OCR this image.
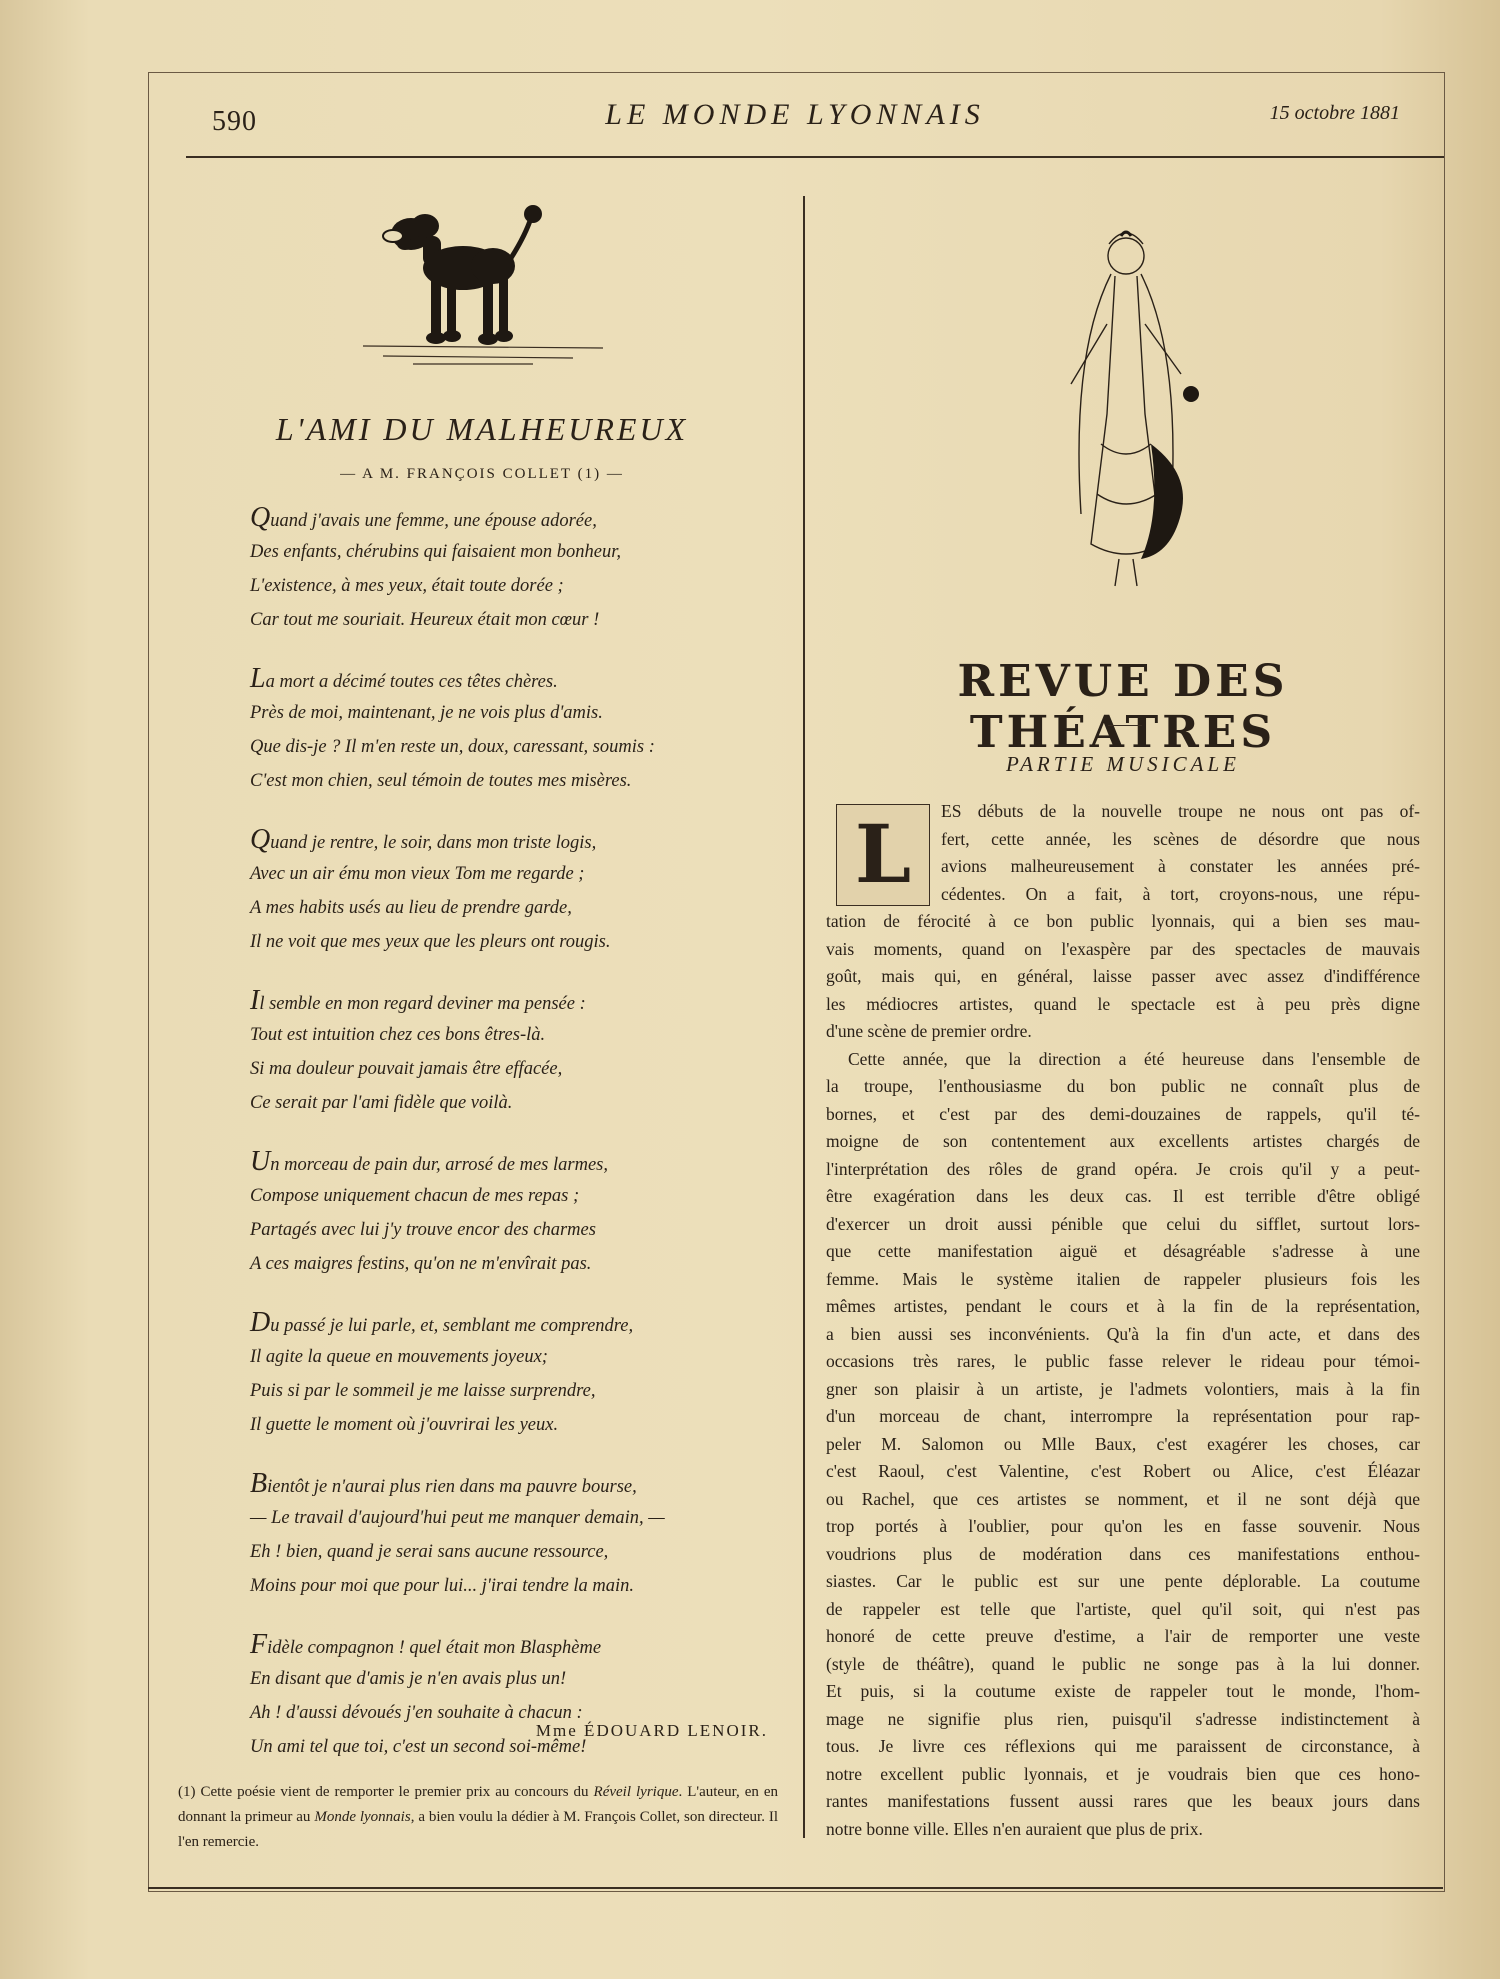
590	LE MONDE LYONNAIS	15 octobre 1881
L'AMI DU MALHEUREUX
— A M. FRANÇOIS COLLET (1) —
Quand j'avais une femme, une épouse adorée,
Des enfants, chérubins qui faisaient mon bonheur,
L'existence, à mes yeux, était toute dorée ;
Car tout me souriait. Heureux était mon cœur !
La mort a décimé toutes ces têtes chères.
Près de moi, maintenant, je ne vois plus d'amis.
Que dis-je ? Il m'en reste un, doux, caressant, soumis :
C'est mon chien, seul témoin de toutes mes misères.
Quand je rentre, le soir, dans mon triste logis,
Avec un air ému mon vieux Tom me regarde ;
A mes habits usés au lieu de prendre garde,
Il ne voit que mes yeux que les pleurs ont rougis.
Il semble en mon regard deviner ma pensée :
Tout est intuition chez ces bons êtres-là.
Si ma douleur pouvait jamais être effacée,
Ce serait par l'ami fidèle que voilà.
Un morceau de pain dur, arrosé de mes larmes,
Compose uniquement chacun de mes repas ;
Partagés avec lui j'y trouve encor des charmes
A ces maigres festins, qu'on ne m'envîrait pas.
Du passé je lui parle, et, semblant me comprendre,
Il agite la queue en mouvements joyeux;
Puis si par le sommeil je me laisse surprendre,
Il guette le moment où j'ouvrirai les yeux.
Bientôt je n'aurai plus rien dans ma pauvre bourse,
— Le travail d'aujourd'hui peut me manquer demain, —
Eh ! bien, quand je serai sans aucune ressource,
Moins pour moi que pour lui... j'irai tendre la main.
Fidèle compagnon ! quel était mon Blasphème
En disant que d'amis je n'en avais plus un!
Ah ! d'aussi dévoués j'en souhaite à chacun :
Un ami tel que toi, c'est un second soi-même!
Mme ÉDOUARD LENOIR.
(1) Cette poésie vient de remporter le premier prix au concours du Réveil lyrique. L'auteur, en en donnant la primeur au Monde lyonnais, a bien voulu la dédier à M. François Collet, son directeur. Il l'en remercie.
REVUE DES THÉATRES
PARTIE MUSICALE
L	ES débuts de la nouvelle troupe ne nous ont pas of-
fert, cette année, les scènes de désordre que nous
avions malheureusement à constater les années pré-
cédentes. On a fait, à tort, croyons-nous, une répu-
tation de férocité à ce bon public lyonnais, qui a bien ses mau-
vais moments, quand on l'exaspère par des spectacles de mauvais
goût, mais qui, en général, laisse passer avec assez d'indifférence
les médiocres artistes, quand le spectacle est à peu près digne
d'une scène de premier ordre.
Cette année, que la direction a été heureuse dans l'ensemble de
la troupe, l'enthousiasme du bon public ne connaît plus de
bornes, et c'est par des demi-douzaines de rappels, qu'il té-
moigne de son contentement aux excellents artistes chargés de
l'interprétation des rôles de grand opéra. Je crois qu'il y a peut-
être exagération dans les deux cas. Il est terrible d'être obligé
d'exercer un droit aussi pénible que celui du sifflet, surtout lors-
que cette manifestation aiguë et désagréable s'adresse à une
femme. Mais le système italien de rappeler plusieurs fois les
mêmes artistes, pendant le cours et à la fin de la représentation,
a bien aussi ses inconvénients. Qu'à la fin d'un acte, et dans des
occasions très rares, le public fasse relever le rideau pour témoi-
gner son plaisir à un artiste, je l'admets volontiers, mais à la fin
d'un morceau de chant, interrompre la représentation pour rap-
peler M. Salomon ou Mlle Baux, c'est exagérer les choses, car
c'est Raoul, c'est Valentine, c'est Robert ou Alice, c'est Éléazar
ou Rachel, que ces artistes se nomment, et il ne sont déjà que
trop portés à l'oublier, pour qu'on les en fasse souvenir. Nous
voudrions plus de modération dans ces manifestations enthou-
siastes. Car le public est sur une pente déplorable. La coutume
de rappeler est telle que l'artiste, quel qu'il soit, qui n'est pas
honoré de cette preuve d'estime, a l'air de remporter une veste
(style de théâtre), quand le public ne songe pas à la lui donner.
Et puis, si la coutume existe de rappeler tout le monde, l'hom-
mage ne signifie plus rien, puisqu'il s'adresse indistinctement à
tous. Je livre ces réflexions qui me paraissent de circonstance, à
notre excellent public lyonnais, et je voudrais bien que ces hono-
rantes manifestations fussent aussi rares que les beaux jours dans
notre bonne ville. Elles n'en auraient que plus de prix.
